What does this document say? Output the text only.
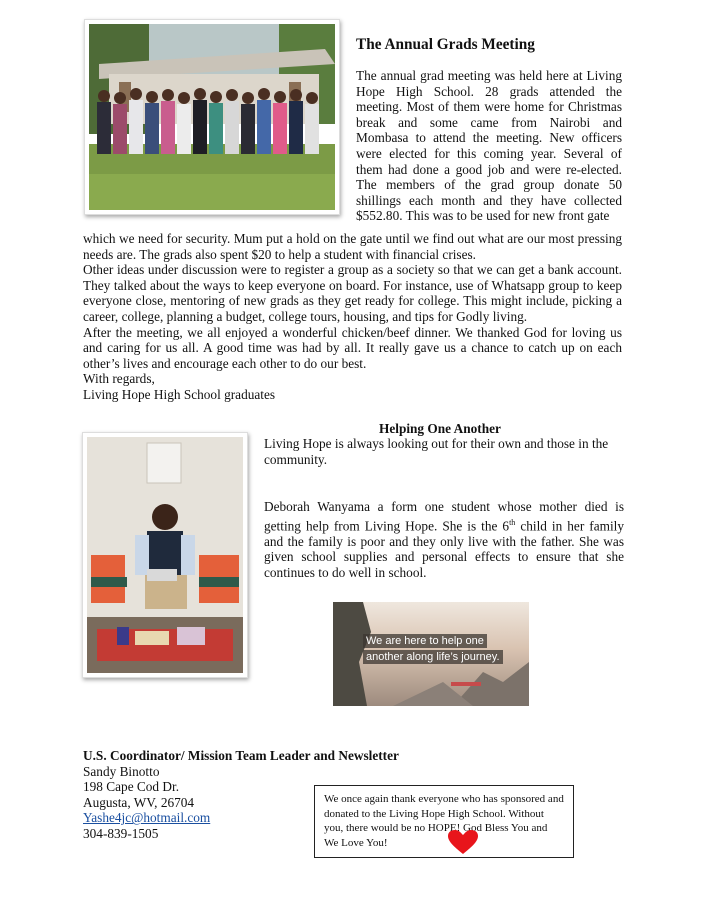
The Annual Grads Meeting

The annual grad meeting was held here at Living Hope High School. 28 grads attended the meeting. Most of them were home for Christmas break and some came from Nairobi and Mombasa to attend the meeting. New officers were elected for this coming year. Several of them had done a good job and were re-elected. The members of the grad group donate 50 shillings each month and they have collected $552.80. This was to be used for new front gate

which we need for security. Mum put a hold on the gate until we find out what are our most pressing needs are. The grads also spent $20 to help a student with financial crises.

Other ideas under discussion were to register a group as a society so that we can get a bank account. They talked about the ways to keep everyone on board. For instance, use of Whatsapp group to keep everyone close, mentoring of new grads as they get ready for college. This might include, picking a career, college, planning a budget, college tours, housing, and tips for Godly living.

After the meeting, we all enjoyed a wonderful chicken/beef dinner. We thanked God for loving us and caring for us all. A good time was had by all. It really gave us a chance to catch up on each other’s lives and encourage each other to do our best.

With regards,

Living Hope High School graduates

Helping One Another

Living Hope is always looking out for their own and those in the community.

Deborah Wanyama a form one student whose mother died is getting help from Living Hope. She is the 6th child in her family and the family is poor and they only live with the father. She was given school supplies and personal effects to ensure that she continues to do well in school.

We are here to help one
another along life’s journey.

U.S. Coordinator/ Mission Team Leader and Newsletter

Sandy Binotto

198 Cape Cod Dr.

Augusta, WV, 26704

Yashe4jc@hotmail.com

304-839-1505

We once again thank everyone who has sponsored and donated to the Living Hope High School. Without you, there would be no HOPE! God Bless You and We Love You!
